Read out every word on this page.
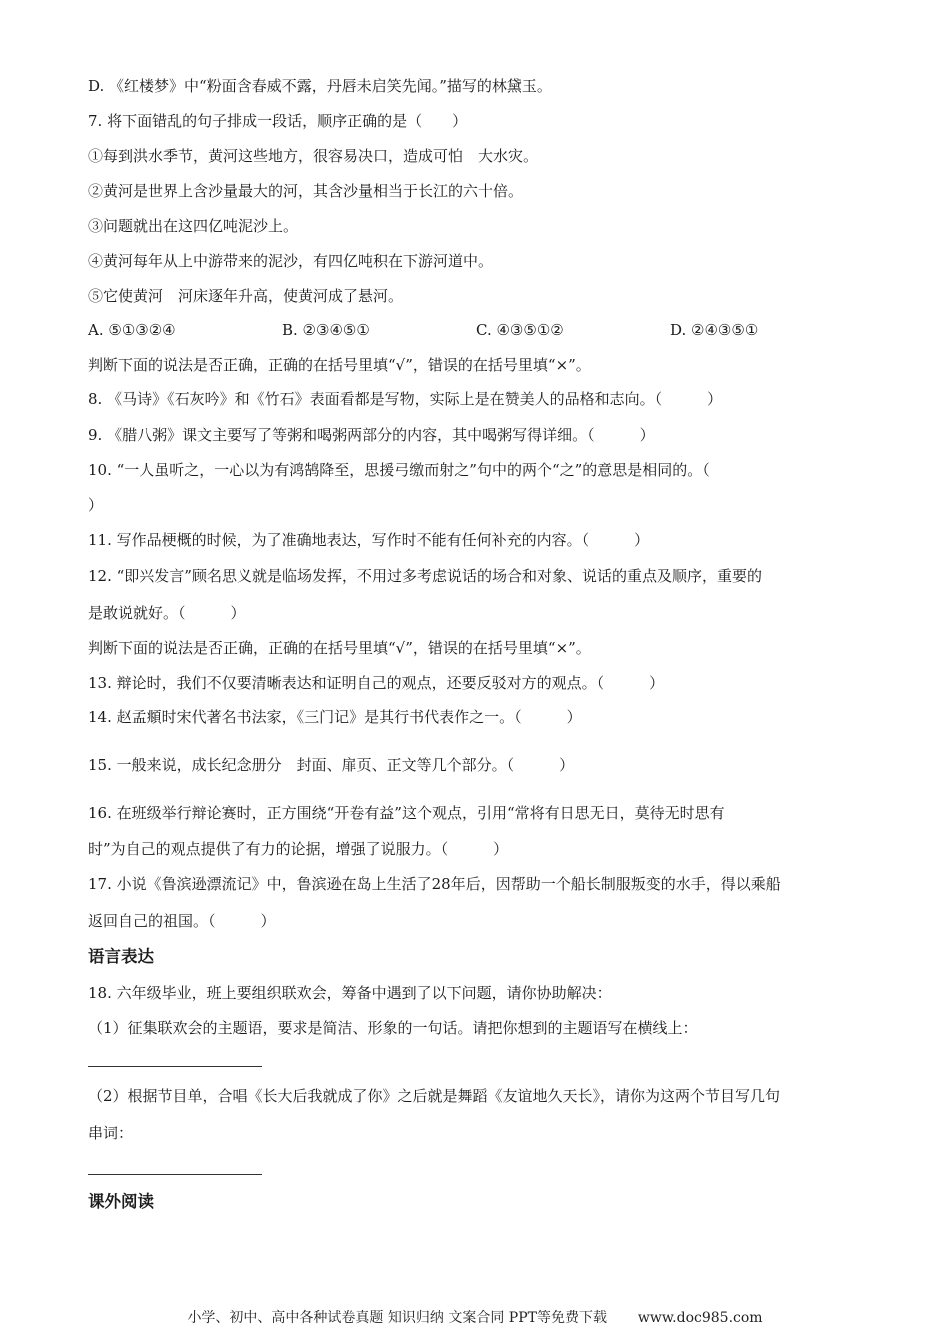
D. 《红楼梦》中“粉面含春威不露，丹唇未启笑先闻。”描写的林黛玉。
7. 将下面错乱的句子排成一段话，顺序正确的是（　　）
①每到洪水季节，黄河这些地方，很容易决口，造成可怕　大水灾。
②黄河是世界上含沙量最大的河，其含沙量相当于长江的六十倍。
③问题就出在这四亿吨泥沙上。
④黄河每年从上中游带来的泥沙，有四亿吨积在下游河道中。
⑤它使黄河　河床逐年升高，使黄河成了悬河。
A. ⑤①③②④	B. ②③④⑤①	C. ④③⑤①②	D. ②④③⑤①
判断下面的说法是否正确，正确的在括号里填“√”，错误的在括号里填“×”。
8. 《马诗》《石灰吟》和《竹石》表面看都是写物，实际上是在赞美人的品格和志向。（　　　）
9. 《腊八粥》课文主要写了等粥和喝粥两部分的内容，其中喝粥写得详细。（　　　）
10. “一人虽听之，一心以为有鸿鹄降至，思援弓缴而射之”句中的两个“之”的意思是相同的。（
）
11. 写作品梗概的时候，为了准确地表达，写作时不能有任何补充的内容。（　　　）
12. “即兴发言”顾名思义就是临场发挥，不用过多考虑说话的场合和对象、说话的重点及顺序，重要的
是敢说就好。（　　　）
判断下面的说法是否正确，正确的在括号里填“√”，错误的在括号里填“×”。
13. 辩论时，我们不仅要清晰表达和证明自己的观点，还要反驳对方的观点。（　　　）
14. 赵孟頫时宋代著名书法家，《三门记》是其行书代表作之一。（　　　）
15. 一般来说，成长纪念册分　封面、扉页、正文等几个部分。（　　　）
16. 在班级举行辩论赛时，正方围绕“开卷有益”这个观点，引用“常将有日思无日，莫待无时思有
时”为自己的观点提供了有力的论据，增强了说服力。（　　　）
17. 小说《鲁滨逊漂流记》中，鲁滨逊在岛上生活了28年后，因帮助一个船长制服叛变的水手，得以乘船
返回自己的祖国。（　　　）
语言表达
18. 六年级毕业，班上要组织联欢会，筹备中遇到了以下问题，请你协助解决：
（1）征集联欢会的主题语，要求是简洁、形象的一句话。请把你想到的主题语写在横线上：
（2）根据节目单，合唱《长大后我就成了你》之后就是舞蹈《友谊地久天长》，请你为这两个节目写几句
串词：
课外阅读
小学、初中、高中各种试卷真题 知识归纳 文案合同 PPT等免费下载 www.doc985.com
